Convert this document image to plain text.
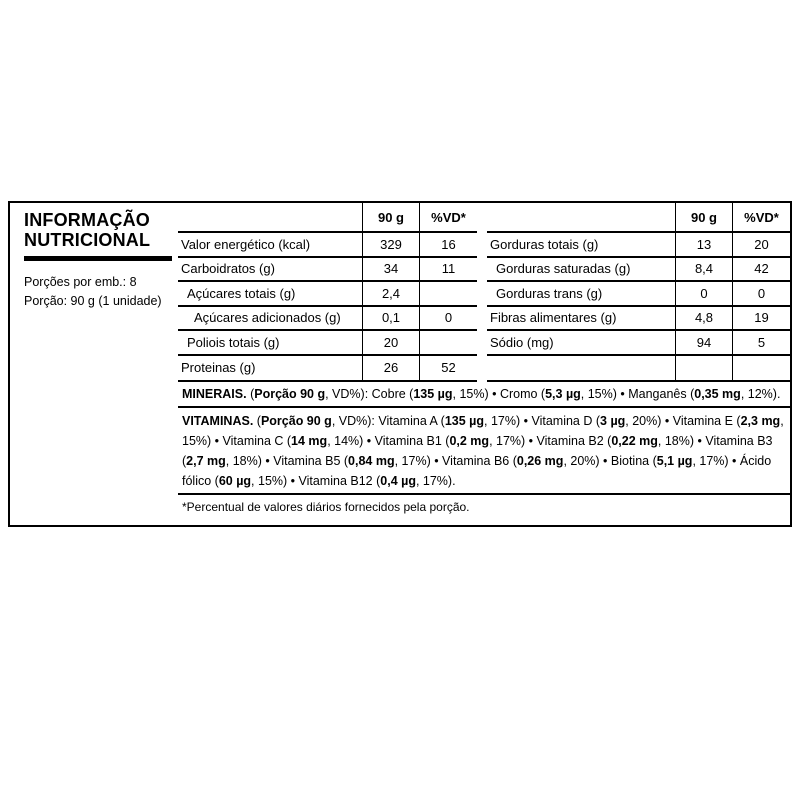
INFORMAÇÃO
NUTRICIONAL
Porções por emb.: 8
Porção: 90 g (1 unidade)
90 g	%VD*
Valor energético (kcal)	329	16
Carboidratos (g)	34	11
Açúcares totais (g)	2,4
Açúcares adicionados (g)	0,1	0
Poliois totais (g)	20
Proteinas (g)	26	52
90 g	%VD*
Gorduras totais (g)	13	20
Gorduras saturadas (g)	8,4	42
Gorduras trans (g)	0	0
Fibras alimentares (g)	4,8	19
Sódio (mg)	94	5
MINERAIS. (Porção 90 g, VD%): Cobre (135 µg, 15%) • Cromo (5,3 µg, 15%) • Manganês (0,35 mg, 12%).
VITAMINAS. (Porção 90 g, VD%): Vitamina A (135 µg, 17%) • Vitamina D (3 µg, 20%) • Vitamina E (2,3 mg, 15%) • Vitamina C (14 mg, 14%) • Vitamina B1 (0,2 mg, 17%) • Vitamina B2 (0,22 mg, 18%) • Vitamina B3 (2,7 mg, 18%) • Vitamina B5 (0,84 mg, 17%) • Vitamina B6 (0,26 mg, 20%) • Biotina (5,1 µg, 17%) • Ácido fólico (60 µg, 15%) • Vitamina B12 (0,4 µg, 17%).
*Percentual de valores diários fornecidos pela porção.
